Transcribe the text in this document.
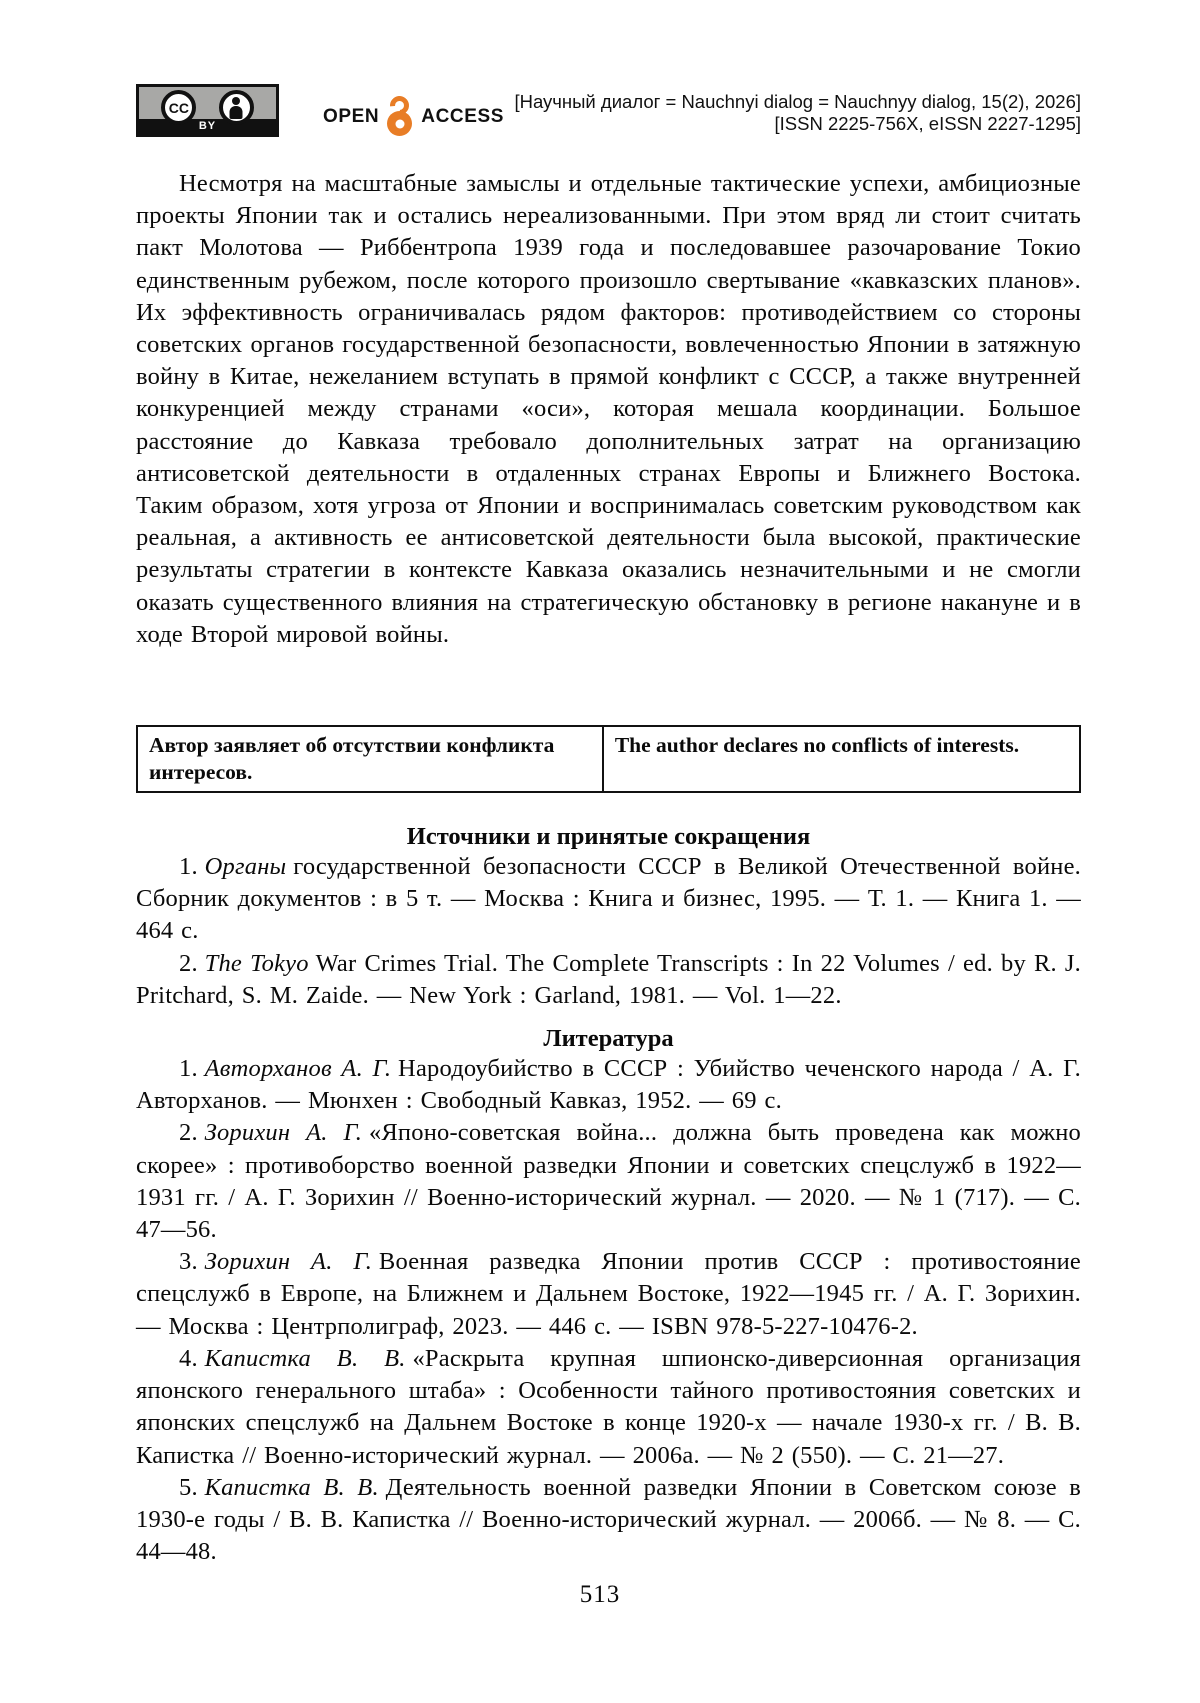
CC
BY	OPEN ACCESS
[Научный диалог = Nauchnyi dialog = Nauchnyy dialog, 15(2), 2026]
[ISSN 2225-756X, eISSN 2227-1295]

Несмотря на масштабные замыслы и отдельные тактические успехи, амбициозные проекты Японии так и остались нереализованными. При этом вряд ли стоит считать пакт Молотова — Риббентропа 1939 года и последовавшее разочарование Токио единственным рубежом, после которого произошло свертывание «кавказских планов». Их эффективность ограничивалась рядом факторов: противодействием со стороны советских органов государственной безопасности, вовлеченностью Японии в затяжную войну в Китае, нежеланием вступать в прямой конфликт с СССР, а также внутренней конкуренцией между странами «оси», которая мешала координации. Большое расстояние до Кавказа требовало дополнительных затрат на организацию антисоветской деятельности в отдаленных странах Европы и Ближнего Востока. Таким образом, хотя угроза от Японии и воспринималась советским руководством как реальная, а активность ее антисоветской деятельности была высокой, практические результаты стратегии в контексте Кавказа оказались незначительными и не смогли оказать существенного влияния на стратегическую обстановку в регионе накануне и в ходе Второй мировой войны.

Автор заявляет об отсутствии конфликта интересов.	The author declares no conflicts of interests.
Источники и принятые сокращения

1. Органы государственной безопасности СССР в Великой Отечественной войне. Сборник документов : в 5 т. — Москва : Книга и бизнес, 1995. — Т. 1. — Книга 1. — 464 с.

2. The Tokyo War Crimes Trial. The Complete Transcripts : In 22 Volumes / ed. by R. J. Pritchard, S. M. Zaide. — New York : Garland, 1981. — Vol. 1—22.

Литература

1. Авторханов А. Г. Народоубийство в СССР : Убийство чеченского народа / А. Г. Авторханов. — Мюнхен : Свободный Кавказ, 1952. — 69 с.

2. Зорихин А. Г. «Японо-советская война... должна быть проведена как можно скорее» : противоборство военной разведки Японии и советских спецслужб в 1922—1931 гг. / А. Г. Зорихин // Военно-исторический журнал. — 2020. — № 1 (717). — С. 47—56.

3. Зорихин А. Г. Военная разведка Японии против СССР : противостояние спецслужб в Европе, на Ближнем и Дальнем Востоке, 1922—1945 гг. / А. Г. Зорихин. — Москва : Центрполиграф, 2023. — 446 с. — ISBN 978-5-227-10476-2.

4. Капистка В. В. «Раскрыта крупная шпионско-диверсионная организация японского генерального штаба» : Особенности тайного противостояния советских и японских спецслужб на Дальнем Востоке в конце 1920-х — начале 1930-х гг. / В. В. Капистка // Военно-исторический журнал. — 2006а. — № 2 (550). — С. 21—27.

5. Капистка В. В. Деятельность военной разведки Японии в Советском союзе в 1930-е годы / В. В. Капистка // Военно-исторический журнал. — 2006б. — № 8. — С. 44—48.

513
